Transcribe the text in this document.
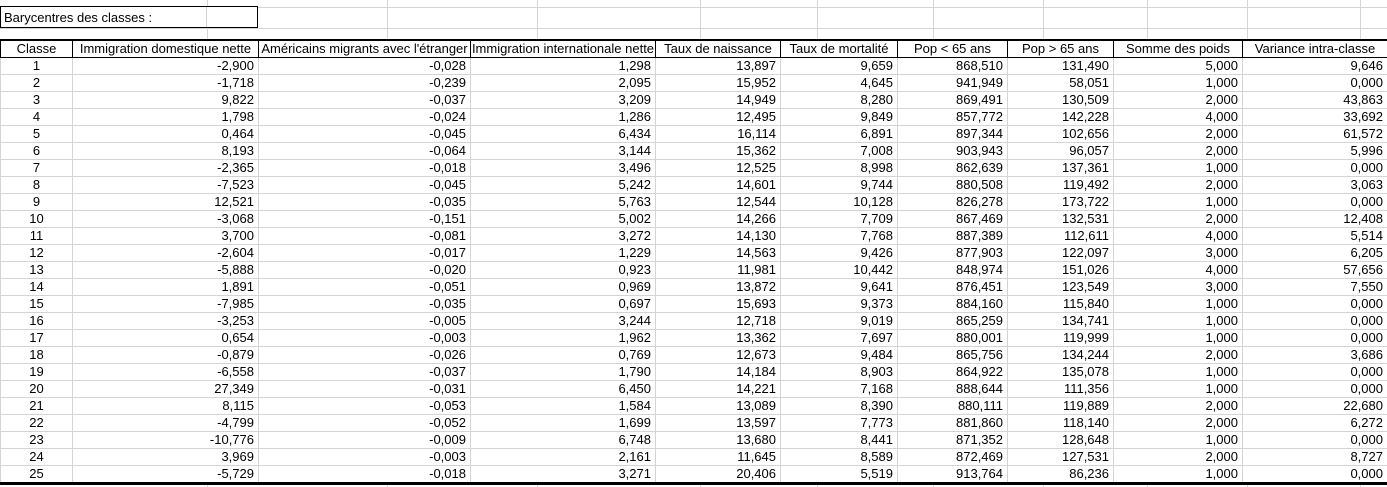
Barycentres des classes :
Classe	Immigration domestique nette	Américains migrants avec l'étranger	Immigration internationale nette	Taux de naissance	Taux de mortalité	Pop < 65 ans	Pop > 65 ans	Somme des poids	Variance intra-classe
1	-2,900	-0,028	1,298	13,897	9,659	868,510	131,490	5,000	9,646
2	-1,718	-0,239	2,095	15,952	4,645	941,949	58,051	1,000	0,000
3	9,822	-0,037	3,209	14,949	8,280	869,491	130,509	2,000	43,863
4	1,798	-0,024	1,286	12,495	9,849	857,772	142,228	4,000	33,692
5	0,464	-0,045	6,434	16,114	6,891	897,344	102,656	2,000	61,572
6	8,193	-0,064	3,144	15,362	7,008	903,943	96,057	2,000	5,996
7	-2,365	-0,018	3,496	12,525	8,998	862,639	137,361	1,000	0,000
8	-7,523	-0,045	5,242	14,601	9,744	880,508	119,492	2,000	3,063
9	12,521	-0,035	5,763	12,544	10,128	826,278	173,722	1,000	0,000
10	-3,068	-0,151	5,002	14,266	7,709	867,469	132,531	2,000	12,408
11	3,700	-0,081	3,272	14,130	7,768	887,389	112,611	4,000	5,514
12	-2,604	-0,017	1,229	14,563	9,426	877,903	122,097	3,000	6,205
13	-5,888	-0,020	0,923	11,981	10,442	848,974	151,026	4,000	57,656
14	1,891	-0,051	0,969	13,872	9,641	876,451	123,549	3,000	7,550
15	-7,985	-0,035	0,697	15,693	9,373	884,160	115,840	1,000	0,000
16	-3,253	-0,005	3,244	12,718	9,019	865,259	134,741	1,000	0,000
17	0,654	-0,003	1,962	13,362	7,697	880,001	119,999	1,000	0,000
18	-0,879	-0,026	0,769	12,673	9,484	865,756	134,244	2,000	3,686
19	-6,558	-0,037	1,790	14,184	8,903	864,922	135,078	1,000	0,000
20	27,349	-0,031	6,450	14,221	7,168	888,644	111,356	1,000	0,000
21	8,115	-0,053	1,584	13,089	8,390	880,111	119,889	2,000	22,680
22	-4,799	-0,052	1,699	13,597	7,773	881,860	118,140	2,000	6,272
23	-10,776	-0,009	6,748	13,680	8,441	871,352	128,648	1,000	0,000
24	3,969	-0,003	2,161	11,645	8,589	872,469	127,531	2,000	8,727
25	-5,729	-0,018	3,271	20,406	5,519	913,764	86,236	1,000	0,000
